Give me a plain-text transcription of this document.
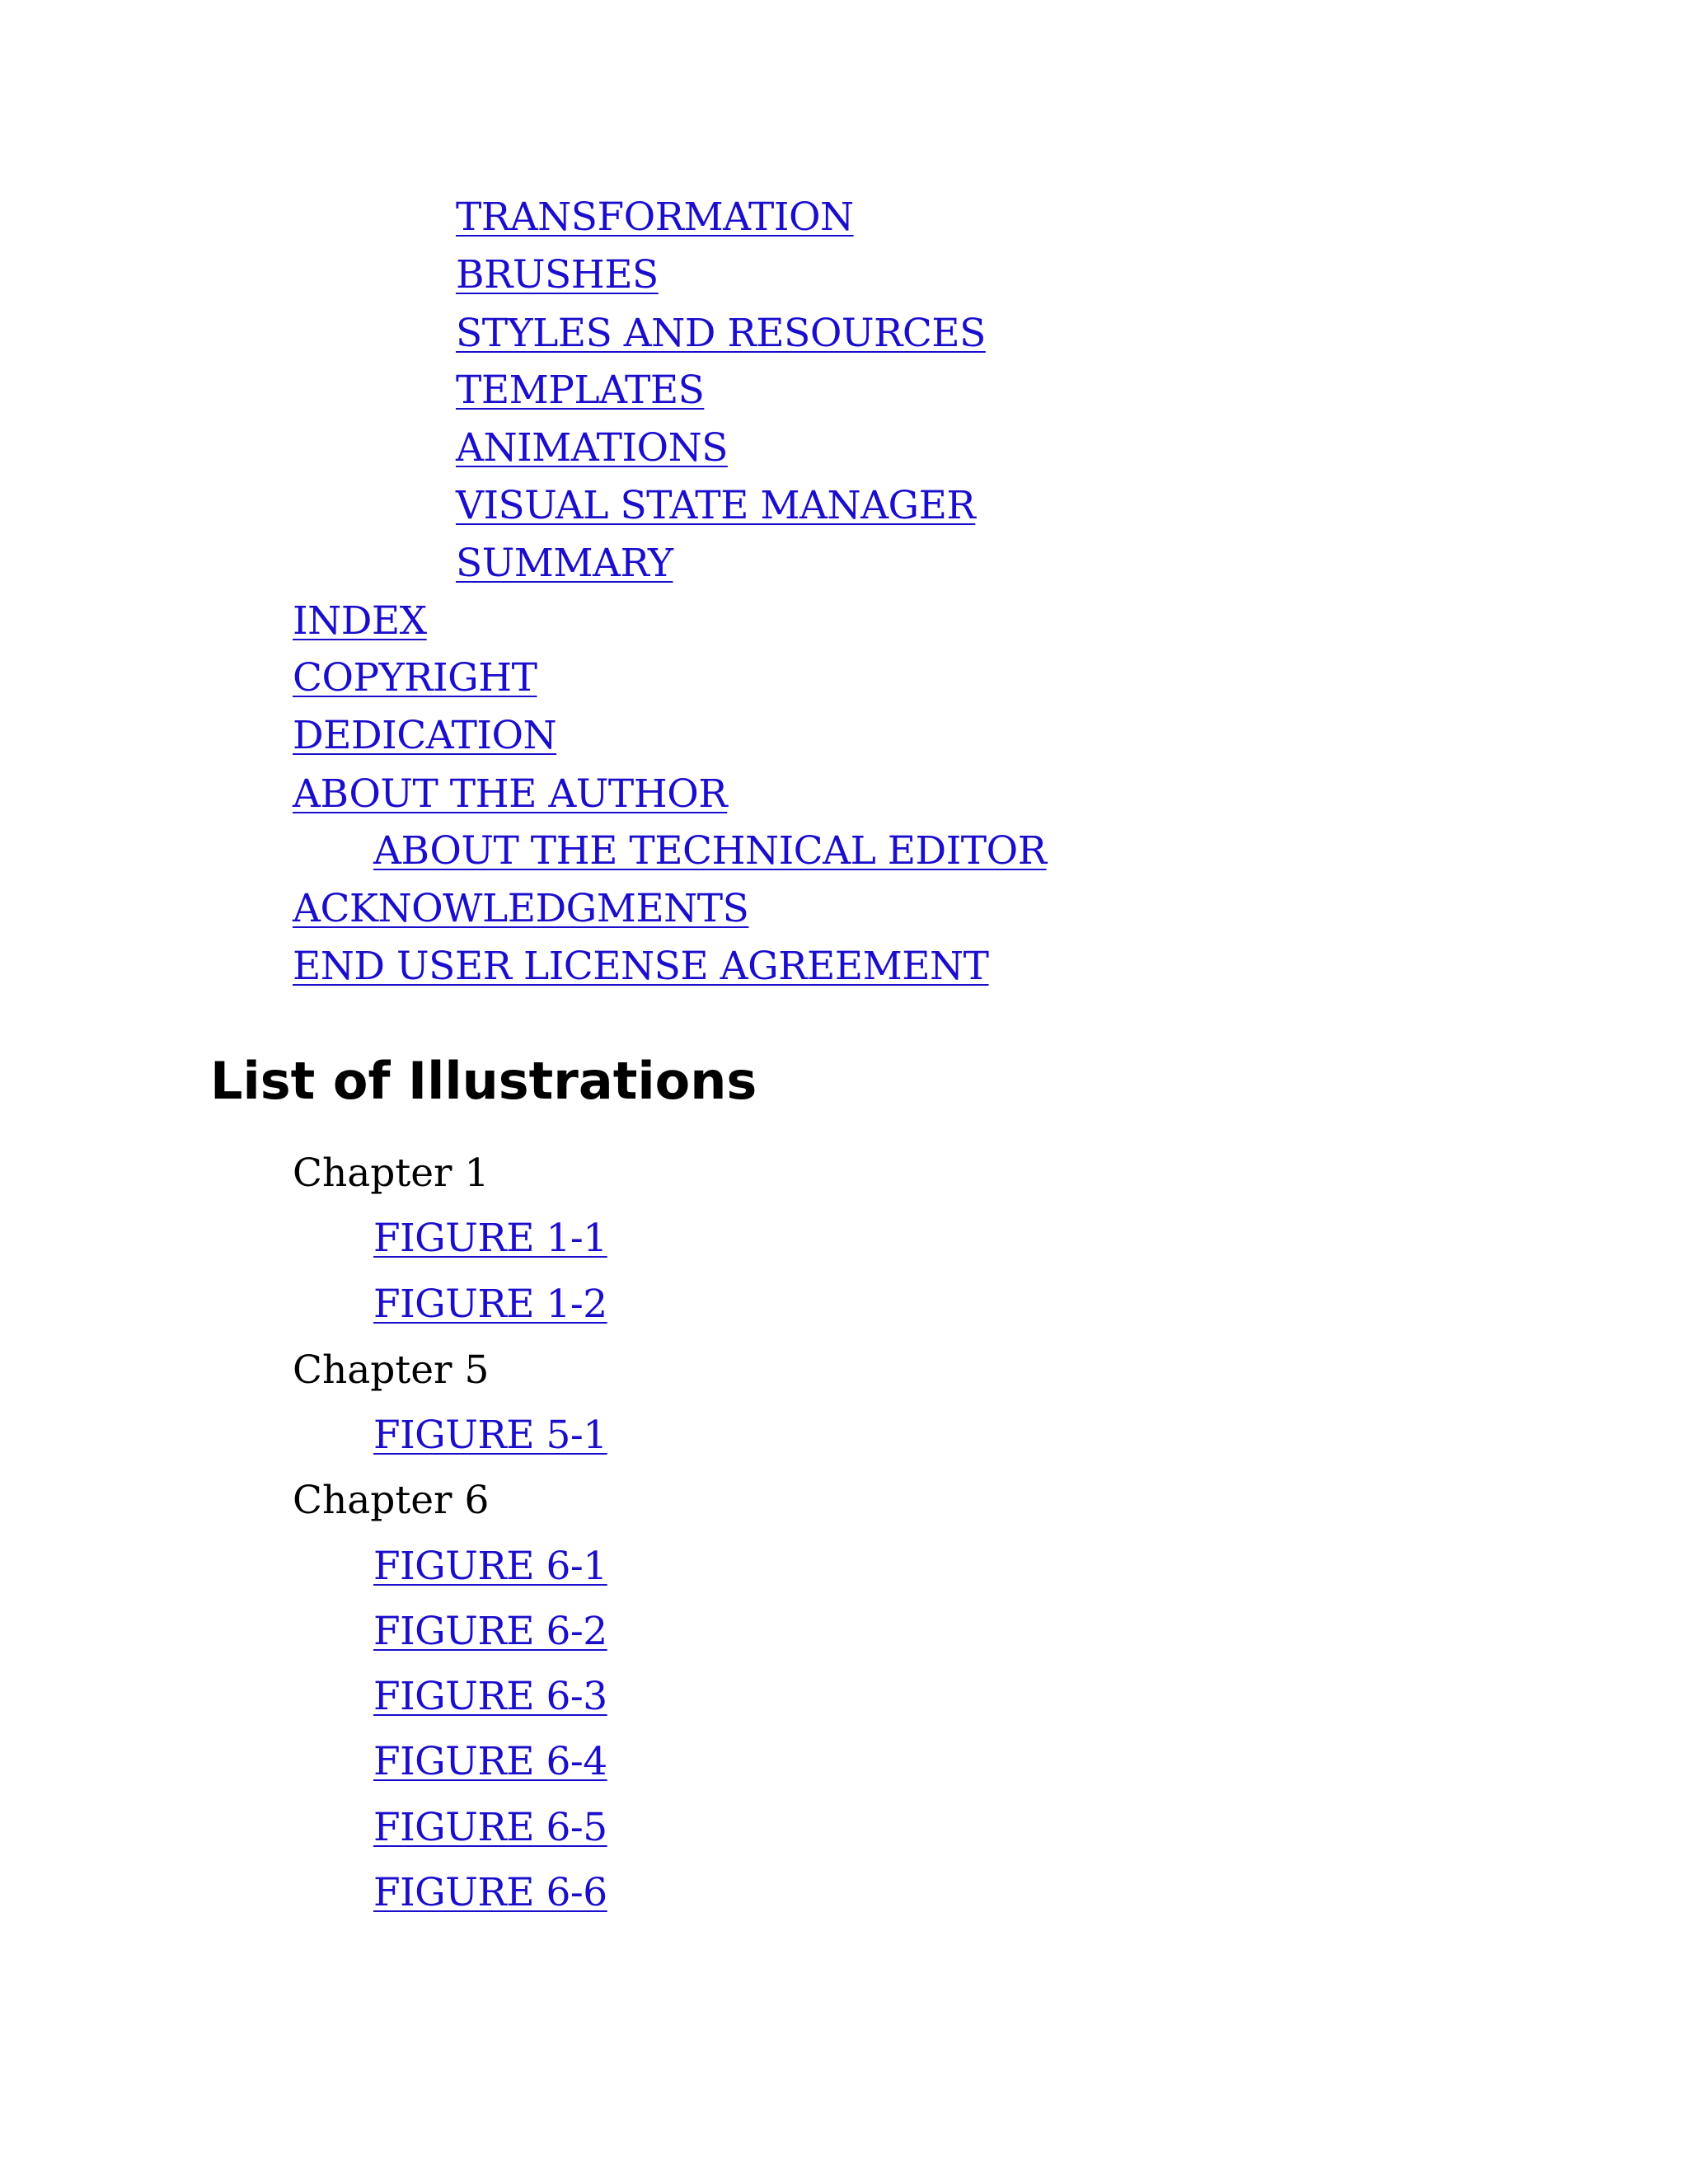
TRANSFORMATION
BRUSHES
STYLES AND RESOURCES
TEMPLATES
ANIMATIONS
VISUAL STATE MANAGER
SUMMARY
INDEX
COPYRIGHT
DEDICATION
ABOUT THE AUTHOR
ABOUT THE TECHNICAL EDITOR
ACKNOWLEDGMENTS
END USER LICENSE AGREEMENT
List of Illustrations
Chapter 1
FIGURE 1-1
FIGURE 1-2
Chapter 5
FIGURE 5-1
Chapter 6
FIGURE 6-1
FIGURE 6-2
FIGURE 6-3
FIGURE 6-4
FIGURE 6-5
FIGURE 6-6
